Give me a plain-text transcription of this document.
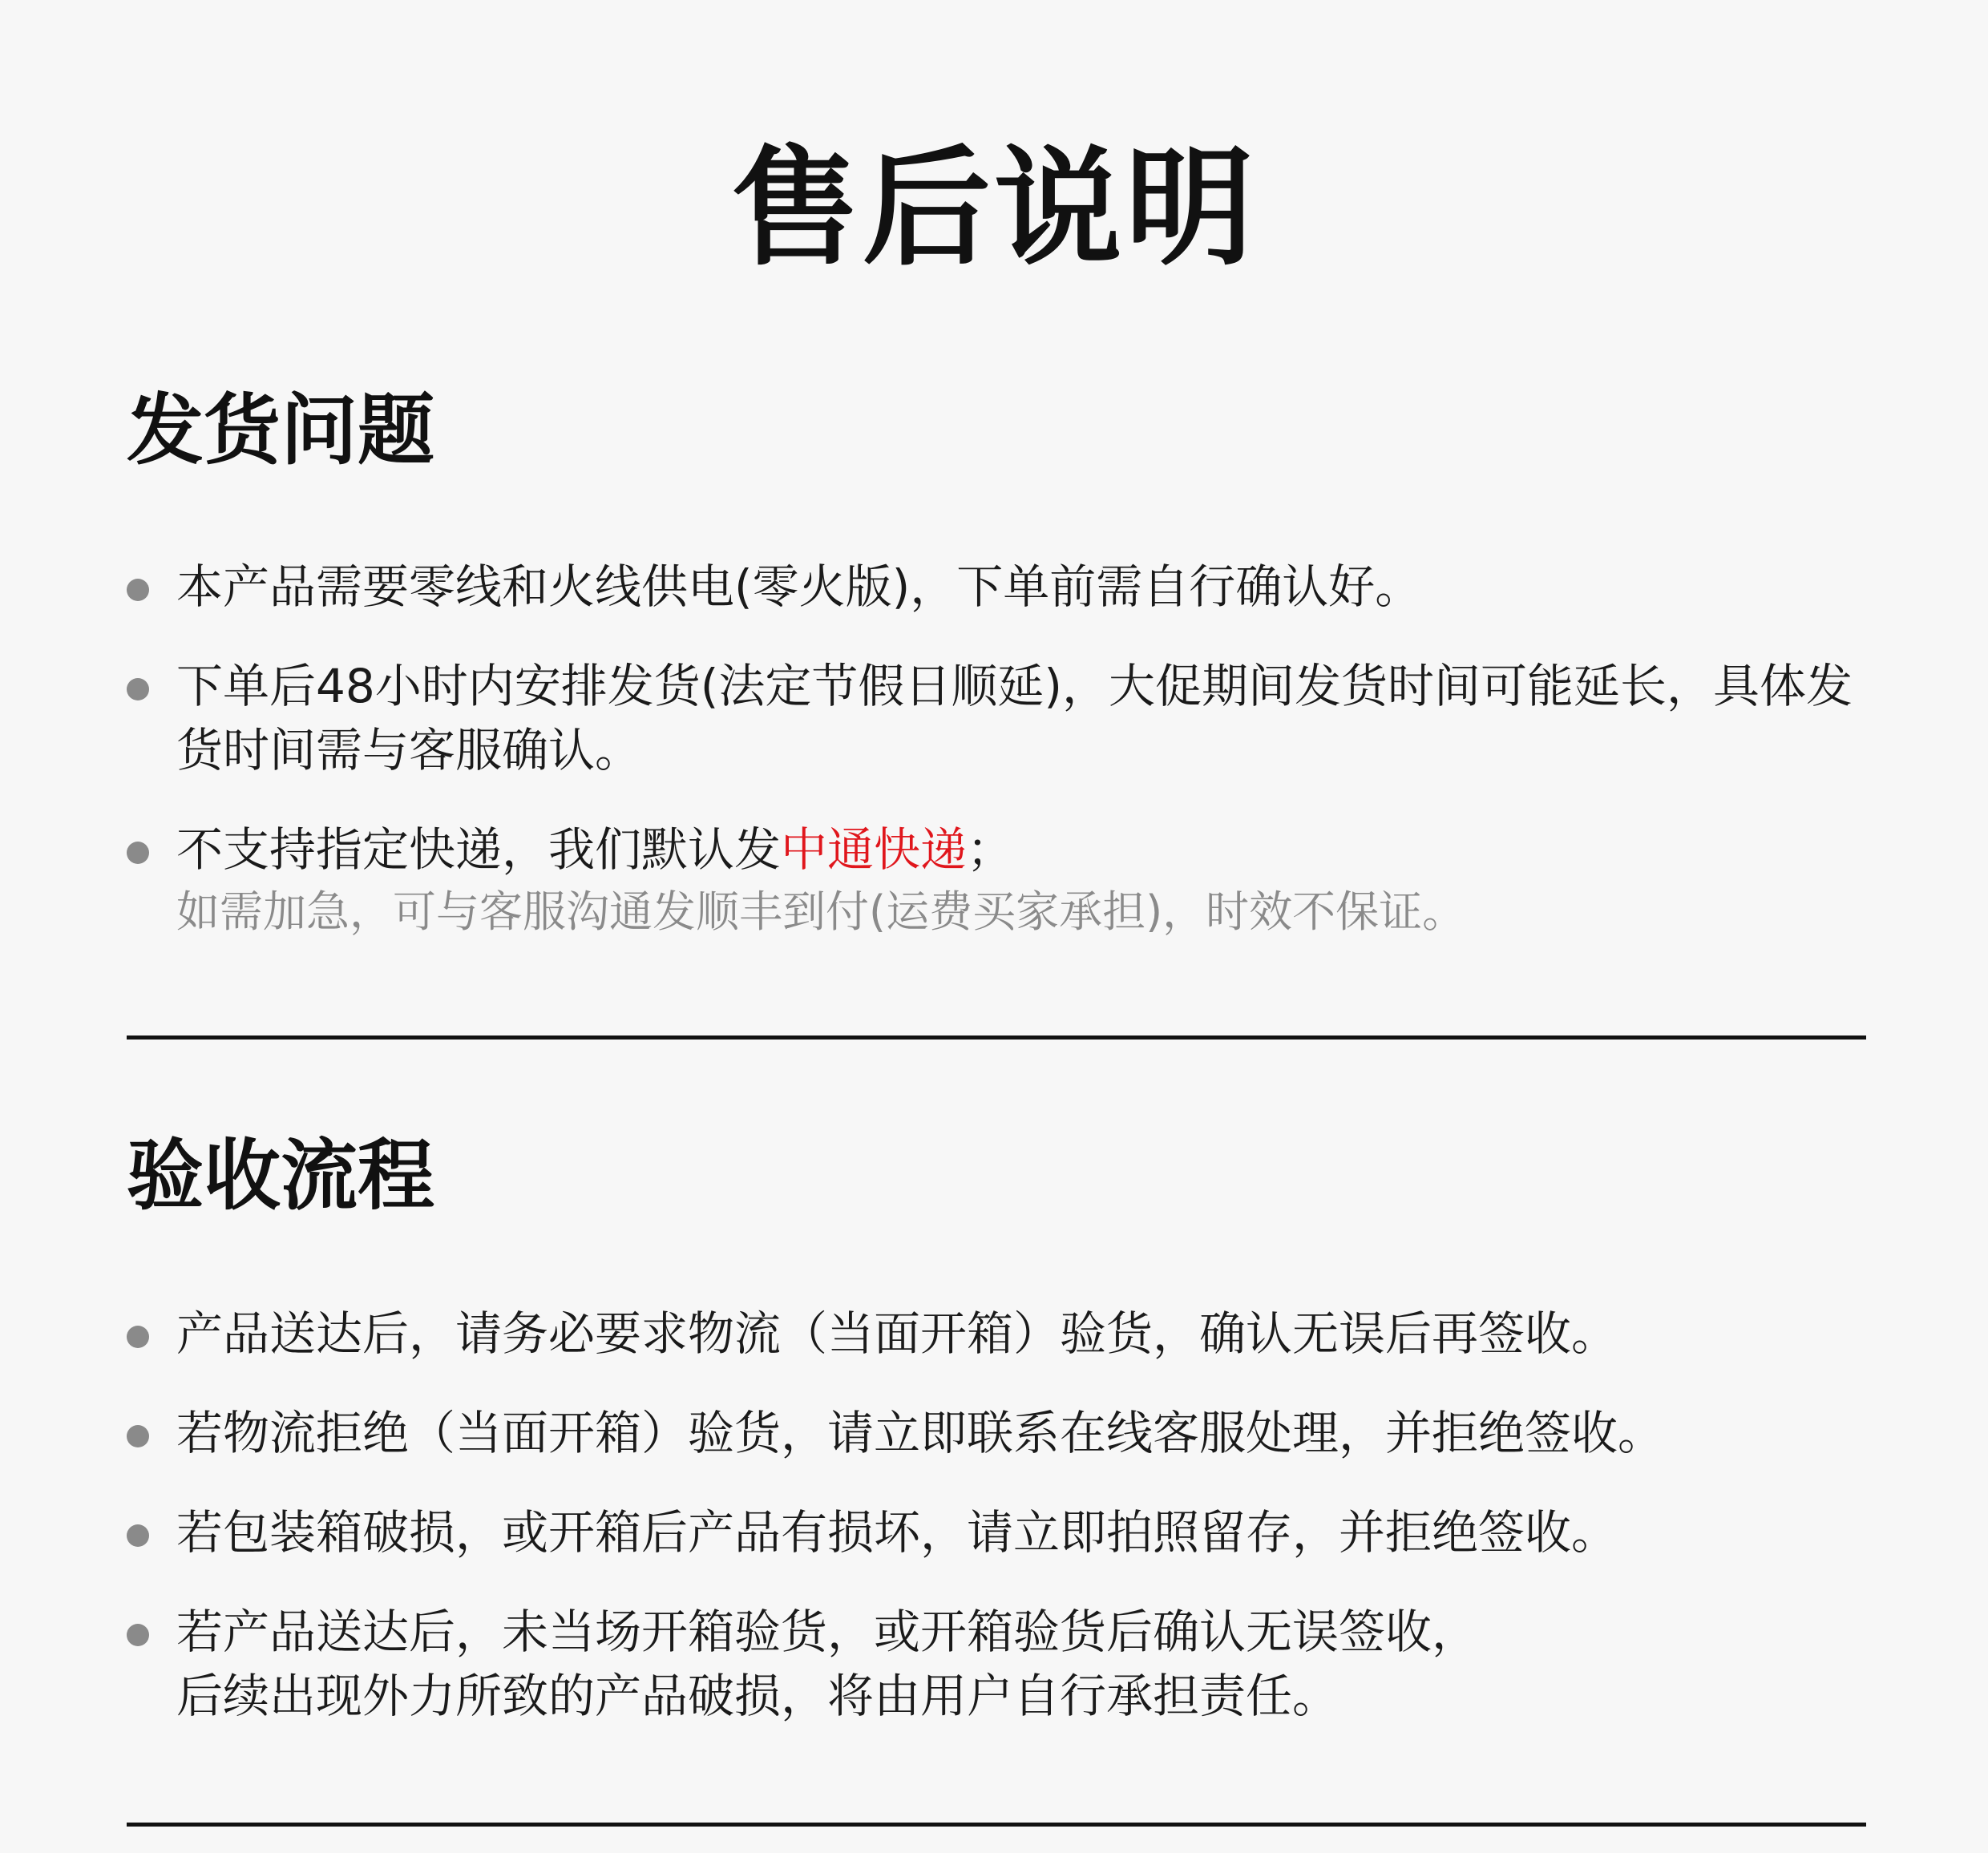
售后说明
发货问题
本产品需要零线和火线供电(零火版)，下单前需自行确认好。
下单后48小时内安排发货(法定节假日顺延)，大促期间发货时间可能延长，具体发货时间需与客服确认。
不支持指定快递，我们默认发中通快递；
如需加急，可与客服沟通发顺丰到付(运费买家承担)，时效不保证。
验收流程
产品送达后，请务必要求物流（当面开箱）验货，确认无误后再签收。
若物流拒绝（当面开箱）验货，请立即联系在线客服处理，并拒绝签收。
若包装箱破损，或开箱后产品有损坏，请立即拍照留存，并拒绝签收。
若产品送达后，未当场开箱验货，或开箱验货后确认无误签收，
后续出现外力所致的产品破损，将由用户自行承担责任。
